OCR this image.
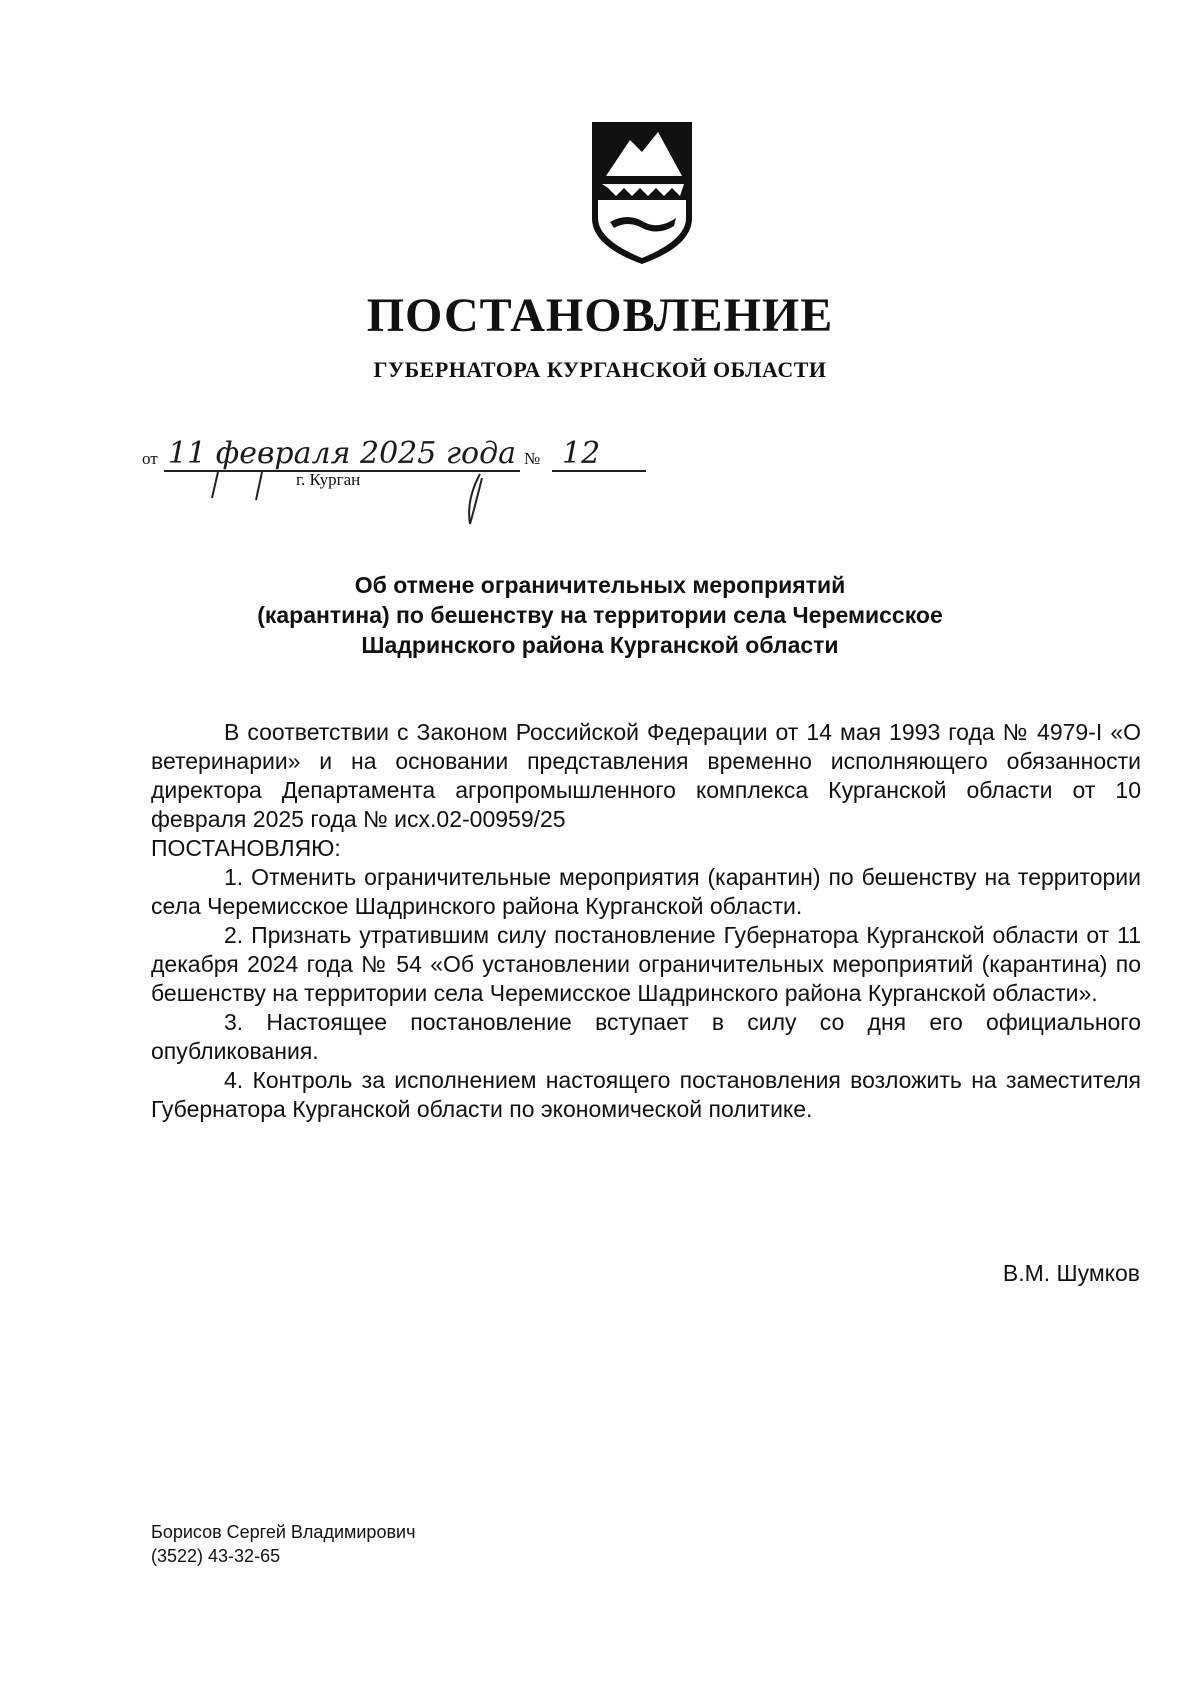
ПОСТАНОВЛЕНИЕ
ГУБЕРНАТОРА КУРГАНСКОЙ ОБЛАСТИ
от 11 февраля 2025 года № 12
г. Курган
Об отмене ограничительных мероприятий
(карантина) по бешенству на территории села Черемисское
Шадринского района Курганской области

В соответствии с Законом Российской Федерации от 14 мая 1993 года № 4979-I «О ветеринарии» и на основании представления временно исполняющего обязанности директора Департамента агропромышленного комплекса Курганской области от 10 февраля 2025 года № исх.02-00959/25

ПОСТАНОВЛЯЮ:

1. Отменить ограничительные мероприятия (карантин) по бешенству на территории села Черемисское Шадринского района Курганской области.

2. Признать утратившим силу постановление Губернатора Курганской области от 11 декабря 2024 года № 54 «Об установлении ограничительных мероприятий (карантина) по бешенству на территории села Черемисское Шадринского района Курганской области».

3. Настоящее постановление вступает в силу со дня его официального опубликования.

4. Контроль за исполнением настоящего постановления возложить на заместителя Губернатора Курганской области по экономической политике.

В.М. Шумков
Борисов Сергей Владимирович
(3522) 43-32-65
